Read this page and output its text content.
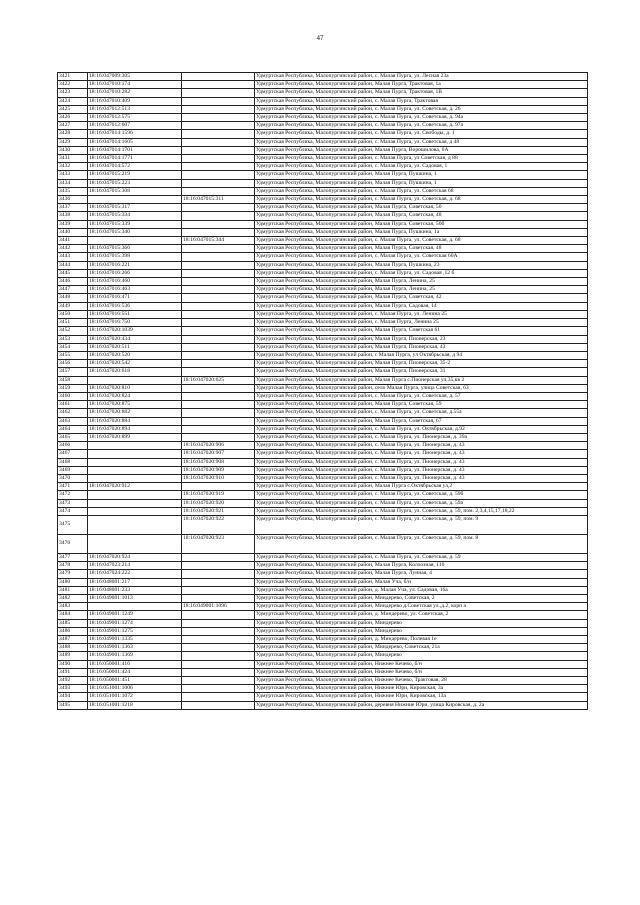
47
3421	18:16:047009:305		Удмуртская Республика, Малопургинский район, с. Малая Пурга, ул. Лесная 23а
3422	18:16:047010:174		Удмуртская Республика, Малопургинский район, Малая Пурга, Трактовая, 1а
3423	18:16:047010:282		Удмуртская Республика, Малопургинский район, Малая Пурга, Трактовая, 1В
3424	18:16:047010:409		Удмуртская Республика, Малопургинский район, с. Малая Пурга, Трактовая
3425	18:16:047012:513		Удмуртская Республика, Малопургинский район, с. Малая Пурга, ул. Советская, д. 26
3426	18:16:047012:575		Удмуртская Республика, Малопургинский район, с. Малая Пурга, ул. Советская, д. 94а
3427	18:16:047012:607		Удмуртская Республика, Малопургинский район, с. Малая Пурга, ул. Советская, д. 97а
3428	18:16:047014:1596		Удмуртская Республика, Малопургинский район, с. Малая Пурга, ул. Свободы, д. 1
3429	18:16:047014:1605		Удмуртская Республика, Малопургинский район, с. Малая Пурга, ул. Советская, д 48
3430	18:16:047014:1701		Удмуртская Республика, Малопургинский район, Малая Пурга, Ворошилова, 6А
3431	18:16:047014:1771		Удмуртская Республика, Малопургинский район, с. Малая Пурга, ул Советская, д 88
3432	18:16:047014:572		Удмуртская Республика, Малопургинский район, с. Малая Пурга, ул. Садовая, 1
3433	18:16:047015:219		Удмуртская Республика, Малопургинский район, Малая Пурга, Пушкина, 1
3434	18:16:047015:223		Удмуртская Республика, Малопургинский район, Малая Пурга, Пушкина, 1
3435	18:16:047015:308		Удмуртская Республика, Малопургинский район, с. Малая Пурга, ул. Советская 68
3436		18:16:047015:311	Удмуртская Республика, Малопургинский район, с. Малая Пурга, ул. Советская, д. 68
3437	18:16:047015:317		Удмуртская Республика, Малопургинский район, Малая Пурга, Советская, 50
3438	18:16:047015:334		Удмуртская Республика, Малопургинский район, Малая Пурга, Советская, 48
3439	18:16:047015:339		Удмуртская Республика, Малопургинский район, Малая Пурга, Советская, 50б
3440	18:16:047015:340		Удмуртская Республика, Малопургинский район, Малая Пурга, Пушкина, 1а
3441		18:16:047015:344	Удмуртская Республика, Малопургинский район, с. Малая Пурга, ул. Советская, д. 68
3442	18:16:047015:366		Удмуртская Республика, Малопургинский район, Малая Пурга, Советская, 48
3443	18:16:047015:398		Удмуртская Республика, Малопургинский район, с. Малая Пурга, ул. Советская 60А
3444	18:16:047016:221		Удмуртская Республика, Малопургинский район, Малая Пурга, Пушкина, 23
3445	18:16:047016:266		Удмуртская Республика, Малопургинский район, с. Малая Пурга, ул. Садовая ,12 б
3446	18:16:047016:460		Удмуртская Республика, Малопургинский район, Малая Пурга, Ленина, 25
3447	18:16:047016:463		Удмуртская Республика, Малопургинский район, Малая Пурга, Ленина, 25
3448	18:16:047016:471		Удмуртская Республика, Малопургинский район, Малая Пурга, Советская, 42
3449	18:16:047016:536		Удмуртская Республика, Малопургинский район, Малая Пурга, Садовая, 14
3450	18:16:047016:551		Удмуртская Республика, Малопургинский район, с. Малая Пурга, ул. Ленина 25
3451	18:16:047016:750		Удмуртская Республика, Малопургинский район, с. Малая Пурга, Ленина 25
3452	18:16:047020:1039		Удмуртская Республика, Малопургинский район, Малая Пурга, Советская 61
3453	18:16:047020:434		Удмуртская Республика, Малопургинский район, Малая Пурга, Пионерская, 23
3454	18:16:047020:511		Удмуртская Республика, Малопургинский район, Малая Пурга, Пионерская, 43
3455	18:16:047020:520		Удмуртская Республика, Малопургинский район, с Малая Пурга, ул Октябрьская, д 94
3456	18:16:047020:542		Удмуртская Республика, Малопургинский район, Малая Пурга, Пионерская, 35-2
3457	18:16:047020:618		Удмуртская Республика, Малопургинский район, Малая Пурга, Пионерская, 31
3458		18:16:047020:625	Удмуртская Республика, Малопургинский район, Малая Пурга с.Пионерская ул.35,кв 2
3459	18:16:047020:810		Удмуртская Республика, Малопургинский район, село Малая Пурга, улица Советская, 63
3460	18:16:047020:824		Удмуртская Республика, Малопургинский район, с. Малая Пурга, ул. Советская, д. 57
3461	18:16:047020:875		Удмуртская Республика, Малопургинский район, Малая Пурга, Советская, 59
3462	18:16:047020:882		Удмуртская Республика, Малопургинский район, с. Малая Пурга, ул. Советская, д.55а
3463	18:16:047020:884		Удмуртская Республика, Малопургинский район, Малая Пурга, Советская, 67
3464	18:16:047020:894		Удмуртская Республика, Малопургинский район, с. Малая Пурга, ул. Октябрьская, д.92
3465	18:16:047020:899		Удмуртская Республика, Малопургинский район, с. Малая Пурга, ул. Пионерская, д. 39а
3466		18:16:047020:906	Удмуртская Республика, Малопургинский район, с. Малая Пурга, ул. Пионерская, д. 43
3467		18:16:047020:907	Удмуртская Республика, Малопургинский район, с. Малая Пурга, ул. Пионерская, д. 43
3468		18:16:047020:908	Удмуртская Республика, Малопургинский район, с. Малая Пурга, ул. Пионерская, д. 43
3469		18:16:047020:909	Удмуртская Республика, Малопургинский район, с. Малая Пурга, ул. Пионерская, д. 43
3470		18:16:047020:910	Удмуртская Республика, Малопургинский район, с. Малая Пурга, ул. Пионерская, д. 43
3471	18:16:047020:912		Удмуртская Республика, Малопургинский район, Малая Пурга с.Октябрьская ул,2
3472		18:16:047020:919	Удмуртская Республика, Малопургинский район, с. Малая Пурга, ул. Советская, д. 59б
3473		18:16:047020:920	Удмуртская Республика, Малопургинский район, с. Малая Пурга, ул. Советская, д. 59а
3474		18:16:047020:921	Удмуртская Республика, Малопургинский район, с. Малая Пурга, ул. Советская, д. 59, пом. 2,3,4,15,17,18,22
3475		18:16:047020:922	Удмуртская Республика, Малопургинский район, с. Малая Пурга, ул. Советская, д. 59, пом. 9
3476		18:16:047020:923	Удмуртская Республика, Малопургинский район, с. Малая Пурга, ул. Советская, д. 59, пом. 8
3477	18:16:047020:924		Удмуртская Республика, Малопургинский район, с. Малая Пурга, ул. Советская, д. 59
3478	18:16:047023:214		Удмуртская Республика, Малопургинский район, Малая Пурга, Колхозная, 110
3479	18:16:047024:222		Удмуртская Республика, Малопургинский район, Малая Пурга, Лунная, 4
3480	18:16:048001:217		Удмуртская Республика, Малопургинский район, Малая Уча, б/н
3481	18:16:048001:233		Удмуртская Республика, Малопургинский район, д. Малая Уча, ул. Садовая, 16а
3482	18:16:049001:1013		Удмуртская Республика, Малопургинский район, Миндерево, Советская, 2
3483		18:16:049001:1096	Удмуртская Республика, Малопургинский район, Миндерево д.Советская ул.,д.2, корп а
3484	18:16:049001:1249		Удмуртская Республика, Малопургинский район, д. Миндерево, ул. Советская, 2
3485	18:16:049001:1274		Удмуртская Республика, Малопургинский район, Миндерево
3486	18:16:049001:1275		Удмуртская Республика, Малопургинский район, Миндерево
3487	18:16:049001:1335		Удмуртская Республика, Малопургинский район, д. Миндерево, Полевая 1е
3488	18:16:049001:1363		Удмуртская Республика, Малопургинский район, Миндерево, Советская, 21а
3489	18:16:049001:1369		Удмуртская Республика, Малопургинский район, Миндерево
3490	18:16:050001:416		Удмуртская Республика, Малопургинский район, Нижнее Кечево, б/н
3491	18:16:050001:424		Удмуртская Республика, Малопургинский район, Нижнее Кечево, б/н
3492	18:16:050001:451		Удмуртская Республика, Малопургинский район, Нижнее Кечево, Трактовая, 28
3493	18:16:051001:1006		Удмуртская Республика, Малопургинский район, Нижние Юри, Кировская, 3а
3494	18:16:051001:1072		Удмуртская Республика, Малопургинский район, Нижние Юри, Кировская, 13а
3495	18:16:051001:1218		Удмуртская Республика, Малопургинский район, деревня Нижние Юри, улица Кировская, д. 2а
